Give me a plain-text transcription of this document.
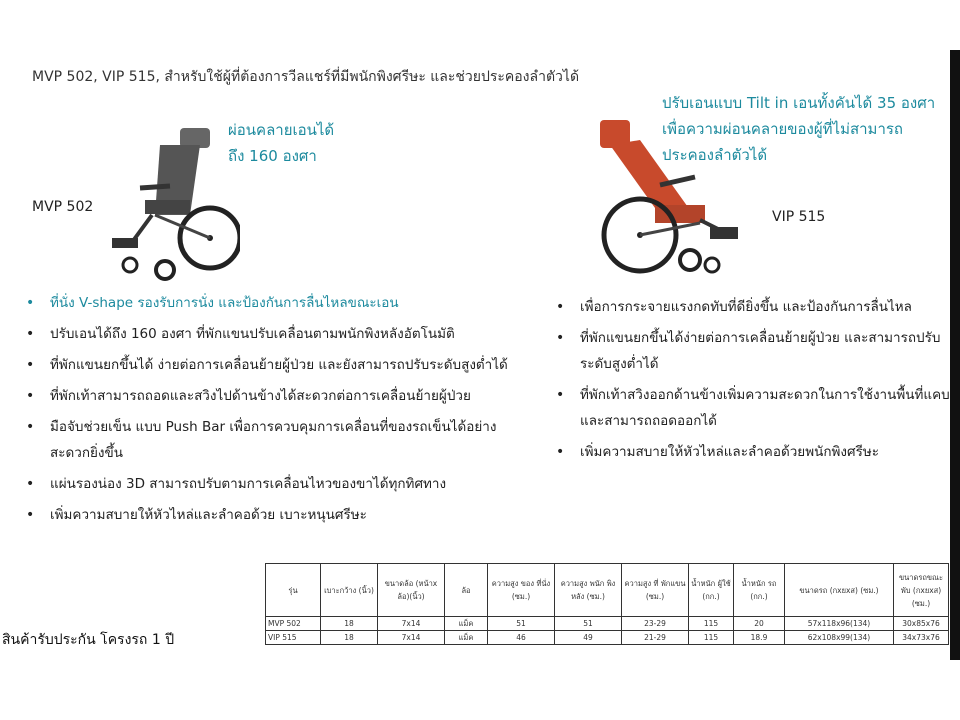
MVP 502, VIP 515, สำหรับใช้ผู้ที่ต้องการวีลแชร์ที่มีพนักพิงศรีษะ และช่วยประคองลำตัวได้
ผ่อนคลายเอนได้
ถึง 160 องศา
MVP 502
ปรับเอนแบบ Tilt in เอนทั้งคันได้ 35 องศา
เพื่อความผ่อนคลายของผู้ที่ไม่สามารถ
ประคองลำตัวได้
VIP 515
• ที่นั่ง V-shape รองรับการนั่ง และป้องกันการลื่นไหลขณะเอน
• ปรับเอนได้ถึง 160 องศา ที่พักแขนปรับเคลื่อนตามพนักพิงหลังอัตโนมัติ
• ที่พักแขนยกขึ้นได้ ง่ายต่อการเคลื่อนย้ายผู้ป่วย และยังสามารถปรับระดับสูงต่ำได้
• ที่พักเท้าสามารถถอดและสวิงไปด้านข้างได้สะดวกต่อการเคลื่อนย้ายผู้ป่วย
• มือจับช่วยเข็น แบบ Push Bar เพื่อการควบคุมการเคลื่อนที่ของรถเข็นได้อย่างสะดวกยิ่งขึ้น
• แผ่นรองน่อง 3D สามารถปรับตามการเคลื่อนไหวของขาได้ทุกทิศทาง
• เพิ่มความสบายให้หัวไหล่และลำคอด้วย เบาะหนุนศรีษะ
• เพื่อการกระจายแรงกดทับที่ดียิ่งขึ้น และป้องกันการลื่นไหล
• ที่พักแขนยกขึ้นได้ง่ายต่อการเคลื่อนย้ายผู้ป่วย และสามารถปรับระดับสูงต่ำได้
• ที่พักเท้าสวิงออกด้านข้างเพิ่มความสะดวกในการใช้งานพื้นที่แคบ และสามารถถอดออกได้
• เพิ่มความสบายให้หัวไหล่และลำคอด้วยพนักพิงศรีษะ
สินค้ารับประกัน โครงรถ 1 ปี
รุ่น	เบาะกว้าง (นิ้ว)	ขนาดล้อ (หน้าx ล้อ)(นิ้ว)	ล้อ	ความสูง ของ ที่นั่ง (ซม.)	ความสูง พนัก พิงหลัง (ซม.)	ความสูง ที่ พักแขน (ซม.)	น้ำหนัก ผู้ใช้ (กก.)	น้ำหนัก รถ (กก.)	ขนาดรถ (กxยxส) (ซม.)	ขนาดรถขณะ พับ (กxยxส) (ซม.)
MVP 502	18	7x14	แม็ค	51	51	23-29	115	20	57x118x96(134)	30x85x76
VIP 515	18	7x14	แม็ค	46	49	21-29	115	18.9	62x108x99(134)	34x73x76
